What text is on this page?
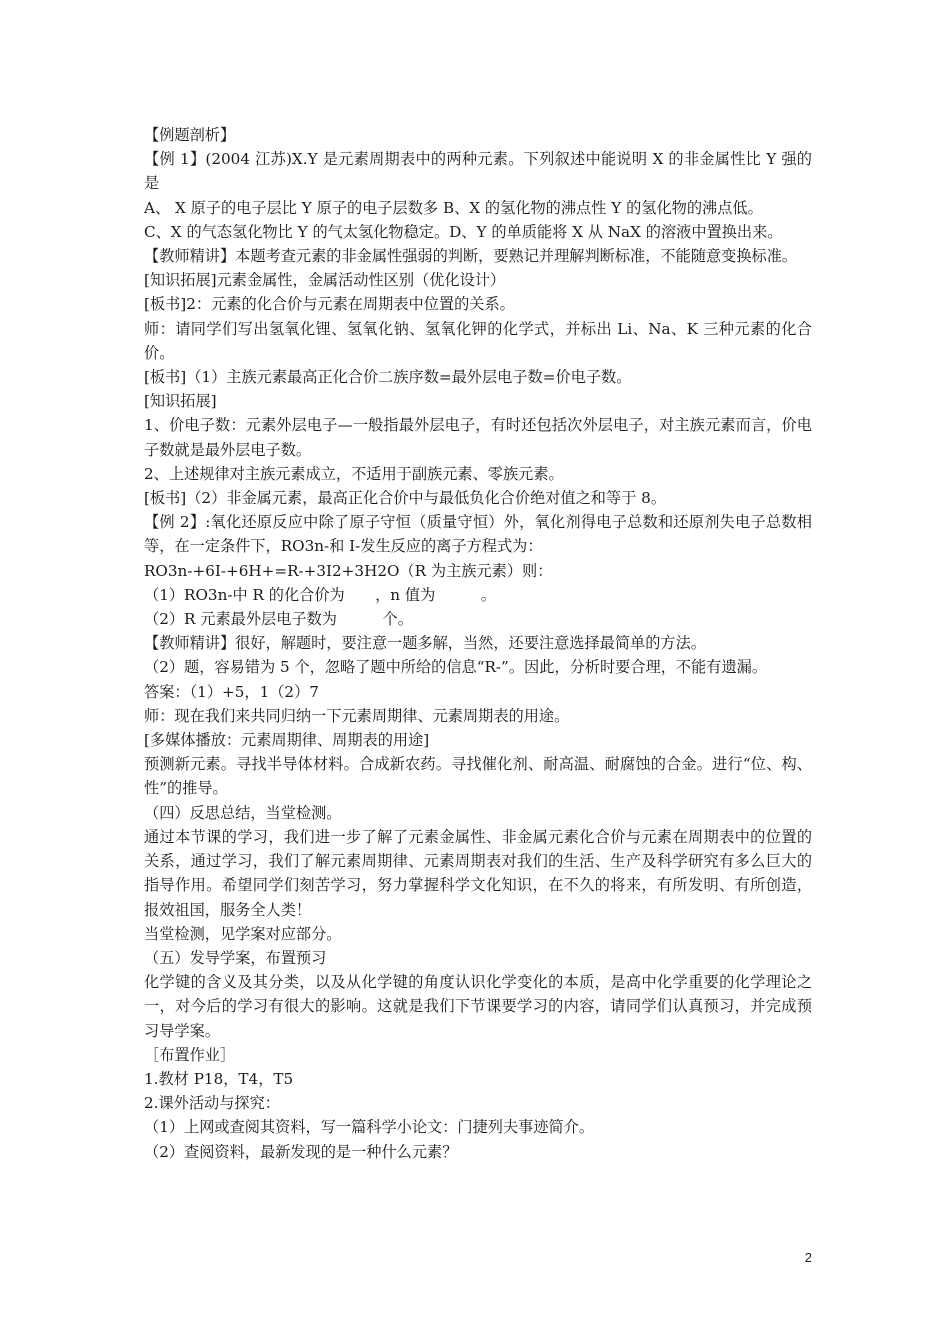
【例题剖析】

【例 1】(2004 江苏)X.Y 是元素周期表中的两种元素。下列叙述中能说明 X 的非金属性比 Y 强的是

A、 X 原子的电子层比 Y 原子的电子层数多 B、X 的氢化物的沸点性 Y 的氢化物的沸点低。

C、X 的气态氢化物比 Y 的气太氢化物稳定。D、Y 的单质能将 X 从 NaX 的溶液中置换出来。

【教师精讲】本题考查元素的非金属性强弱的判断，要熟记并理解判断标准，不能随意变换标准。

[知识拓展]元素金属性，金属活动性区别（优化设计）

[板书]2：元素的化合价与元素在周期表中位置的关系。

师：请同学们写出氢氧化锂、氢氧化钠、氢氧化钾的化学式，并标出 Li、Na、K 三种元素的化合价。

[板书]（1）主族元素最高正化合价二族序数=最外层电子数=价电子数。

[知识拓展]

1、价电子数：元素外层电子—一般指最外层电子，有时还包括次外层电子，对主族元素而言，价电子数就是最外层电子数。

2、上述规律对主族元素成立，不适用于副族元素、零族元素。

[板书]（2）非金属元素，最高正化合价中与最低负化合价绝对值之和等于 8。

【例 2】:氧化还原反应中除了原子守恒（质量守恒）外，氧化剂得电子总数和还原剂失电子总数相等，在一定条件下，RO3n-和 I-发生反应的离子方程式为：

RO3n-+6I-+6H+=R-+3I2+3H2O（R 为主族元素）则：

（1）RO3n-中 R 的化合价为　　，n 值为　　　。

（2）R 元素最外层电子数为　　　个。

【教师精讲】很好，解题时，要注意一题多解，当然，还要注意选择最简单的方法。

（2）题，容易错为 5 个，忽略了题中所给的信息“R-”。因此，分析时要合理，不能有遗漏。

答案：（1）+5，1（2）7

师：现在我们来共同归纳一下元素周期律、元素周期表的用途。

[多媒体播放：元素周期律、周期表的用途]

预测新元素。寻找半导体材料。合成新农药。寻找催化剂、耐高温、耐腐蚀的合金。进行“位、构、性”的推导。

（四）反思总结，当堂检测。

通过本节课的学习，我们进一步了解了元素金属性、非金属元素化合价与元素在周期表中的位置的关系，通过学习，我们了解元素周期律、元素周期表对我们的生活、生产及科学研究有多么巨大的指导作用。希望同学们刻苦学习，努力掌握科学文化知识，在不久的将来，有所发明、有所创造，报效祖国，服务全人类！

当堂检测，见学案对应部分。

（五）发导学案，布置预习

化学键的含义及其分类，以及从化学键的角度认识化学变化的本质，是高中化学重要的化学理论之一，对今后的学习有很大的影响。这就是我们下节课要学习的内容，请同学们认真预习，并完成预习导学案。

［布置作业］

1.教材 P18，T4，T5

2.课外活动与探究：

（1）上网或查阅其资料，写一篇科学小论文：门捷列夫事迹简介。

（2）查阅资料，最新发现的是一种什么元素？

2
